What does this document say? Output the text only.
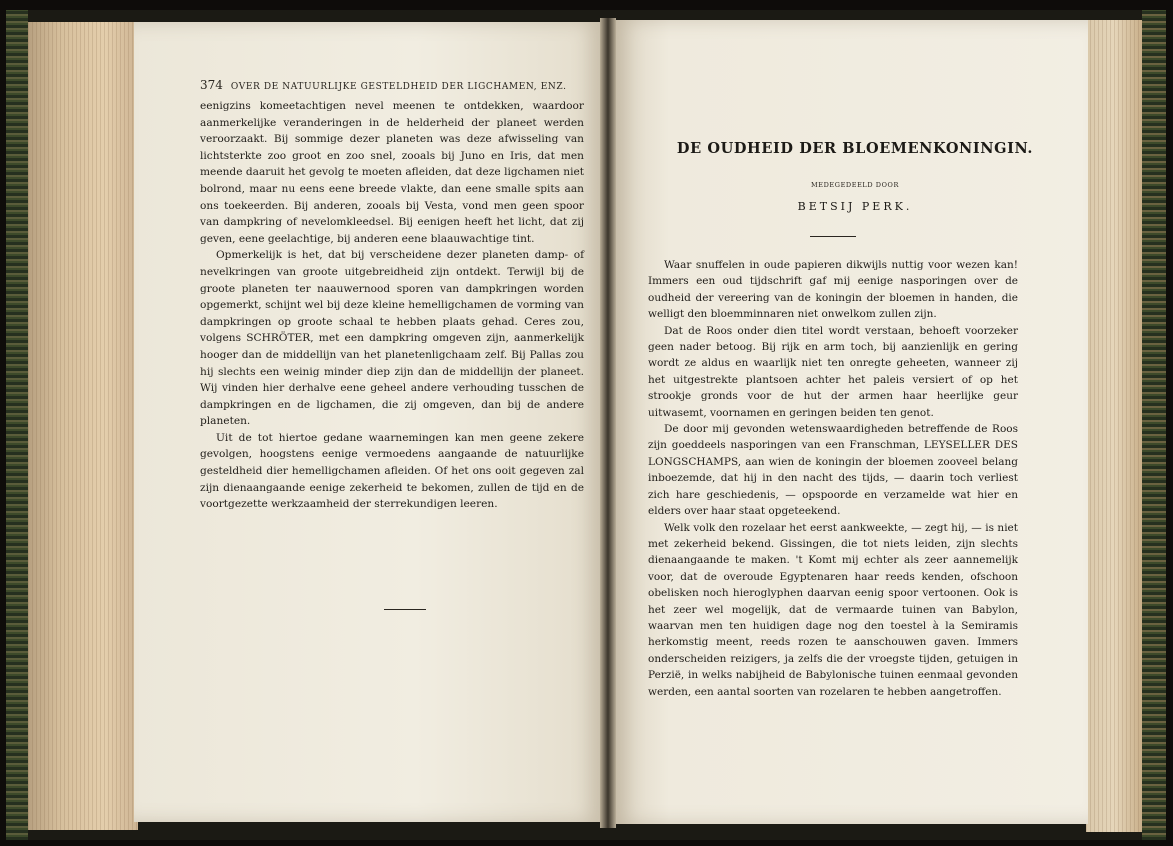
374 OVER DE NATUURLIJKE GESTELDHEID DER LIGCHAMEN, ENZ.

eenigzins komeetachtigen nevel meenen te ontdekken, waardoor aanmerkelijke veranderingen in de helderheid der planeet werden veroorzaakt. Bij sommige dezer planeten was deze afwisseling van lichtsterkte zoo groot en zoo snel, zooals bij Juno en Iris, dat men meende daaruit het gevolg te moeten afleiden, dat deze ligchamen niet bolrond, maar nu eens eene breede vlakte, dan eene smalle spits aan ons toekeerden. Bij anderen, zooals bij Vesta, vond men geen spoor van dampkring of nevelomkleedsel. Bij eenigen heeft het licht, dat zij geven, eene geelachtige, bij anderen eene blaauwachtige tint.

Opmerkelijk is het, dat bij verscheidene dezer planeten damp- of nevelkringen van groote uitgebreidheid zijn ontdekt. Terwijl bij de groote planeten ter naauwernood sporen van dampkringen worden opgemerkt, schijnt wel bij deze kleine hemelligchamen de vorming van dampkringen op groote schaal te hebben plaats gehad. Ceres zou, volgens SCHRÖTER, met een dampkring omgeven zijn, aanmerkelijk hooger dan de middellijn van het planetenligchaam zelf. Bij Pallas zou hij slechts een weinig minder diep zijn dan de middellijn der planeet. Wij vinden hier derhalve eene geheel andere verhouding tusschen de dampkringen en de ligchamen, die zij omgeven, dan bij de andere planeten.

Uit de tot hiertoe gedane waarnemingen kan men geene zekere gevolgen, hoogstens eenige vermoedens aangaande de natuurlijke gesteldheid dier hemelligchamen afleiden. Of het ons ooit gegeven zal zijn dienaangaande eenige zekerheid te bekomen, zullen de tijd en de voortgezette werkzaamheid der sterrekundigen leeren.

DE OUDHEID DER BLOEMENKONINGIN.
MEDEGEDEELD DOOR
BETSIJ PERK.

Waar snuffelen in oude papieren dikwijls nuttig voor wezen kan! Immers een oud tijdschrift gaf mij eenige nasporingen over de oudheid der vereering van de koningin der bloemen in handen, die welligt den bloemminnaren niet onwelkom zullen zijn.

Dat de Roos onder dien titel wordt verstaan, behoeft voorzeker geen nader betoog. Bij rijk en arm toch, bij aanzienlijk en gering wordt ze aldus en waarlijk niet ten onregte geheeten, wanneer zij het uitgestrekte plantsoen achter het paleis versiert of op het strookje gronds voor de hut der armen haar heerlijke geur uitwasemt, voornamen en geringen beiden ten genot.

De door mij gevonden wetenswaardigheden betreffende de Roos zijn goeddeels nasporingen van een Franschman, LEYSELLER DES LONGSCHAMPS, aan wien de koningin der bloemen zooveel belang inboezemde, dat hij in den nacht des tijds, — daarin toch verliest zich hare geschiedenis, — opspoorde en verzamelde wat hier en elders over haar staat opgeteekend.

Welk volk den rozelaar het eerst aankweekte, — zegt hij, — is niet met zekerheid bekend. Gissingen, die tot niets leiden, zijn slechts dienaangaande te maken. 't Komt mij echter als zeer aannemelijk voor, dat de overoude Egyptenaren haar reeds kenden, ofschoon obelisken noch hieroglyphen daarvan eenig spoor vertoonen. Ook is het zeer wel mogelijk, dat de vermaarde tuinen van Babylon, waarvan men ten huidigen dage nog den toestel à la Semiramis herkomstig meent, reeds rozen te aanschouwen gaven. Immers onderscheiden reizigers, ja zelfs die der vroegste tijden, getuigen in Perzië, in welks nabijheid de Babylonische tuinen eenmaal gevonden werden, een aantal soorten van rozelaren te hebben aangetroffen.
